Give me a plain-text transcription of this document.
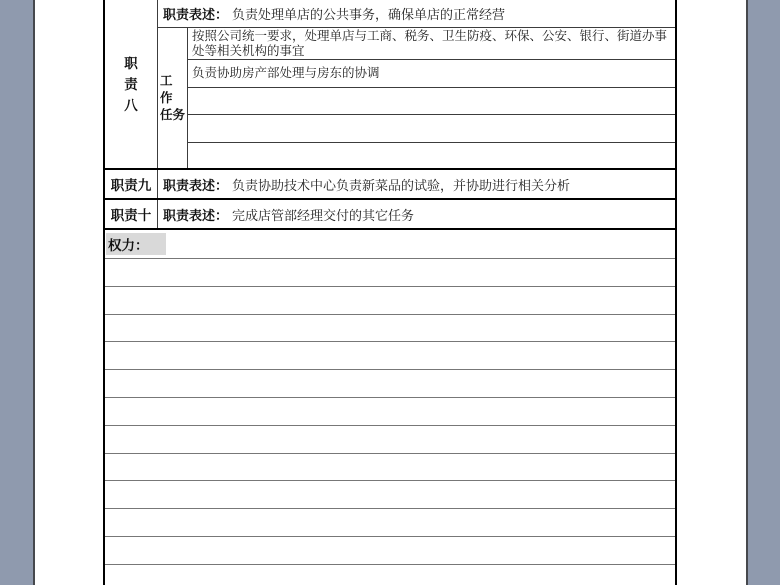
职责八
职责表述： 负责处理单店的公共事务，确保单店的正常经营
工 作
任务
按照公司统一要求，处理单店与工商、税务、卫生防疫、环保、公安、银行、街道办事处等相关机构的事宜
负责协助房产部处理与房东的协调
职责九 职责表述： 负责协助技术中心负责新菜品的试验，并协助进行相关分析
职责十 职责表述： 完成店管部经理交付的其它任务
权力：
